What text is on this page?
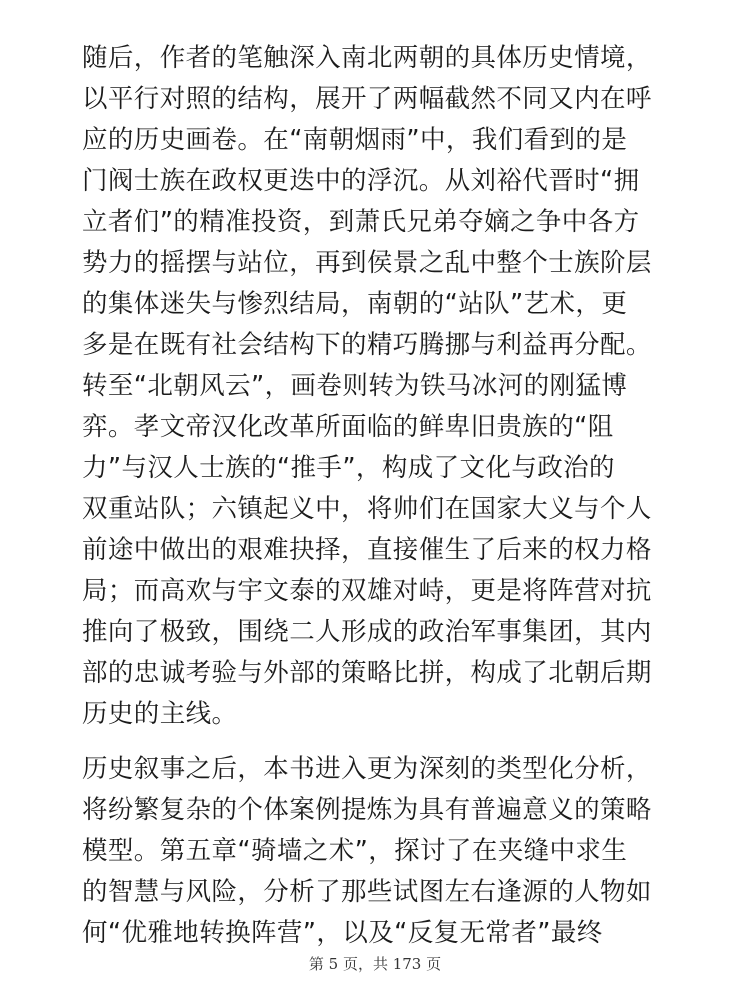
随后，作者的笔触深入南北两朝的具体历史情境，
以平行对照的结构，展开了两幅截然不同又内在呼
应的历史画卷。在“南朝烟雨”中，我们看到的是
门阀士族在政权更迭中的浮沉。从刘裕代晋时“拥
立者们”的精准投资，到萧氏兄弟夺嫡之争中各方
势力的摇摆与站位，再到侯景之乱中整个士族阶层
的集体迷失与惨烈结局，南朝的“站队”艺术，更
多是在既有社会结构下的精巧腾挪与利益再分配。
转至“北朝风云”，画卷则转为铁马冰河的刚猛博
弈。孝文帝汉化改革所面临的鲜卑旧贵族的“阻
力”与汉人士族的“推手”，构成了文化与政治的
双重站队；六镇起义中，将帅们在国家大义与个人
前途中做出的艰难抉择，直接催生了后来的权力格
局；而高欢与宇文泰的双雄对峙，更是将阵营对抗
推向了极致，围绕二人形成的政治军事集团，其内
部的忠诚考验与外部的策略比拼，构成了北朝后期
历史的主线。
历史叙事之后，本书进入更为深刻的类型化分析，
将纷繁复杂的个体案例提炼为具有普遍意义的策略
模型。第五章“骑墙之术”，探讨了在夹缝中求生
的智慧与风险，分析了那些试图左右逢源的人物如
何“优雅地转换阵营”，以及“反复无常者”最终
第 5 页，共 173 页
